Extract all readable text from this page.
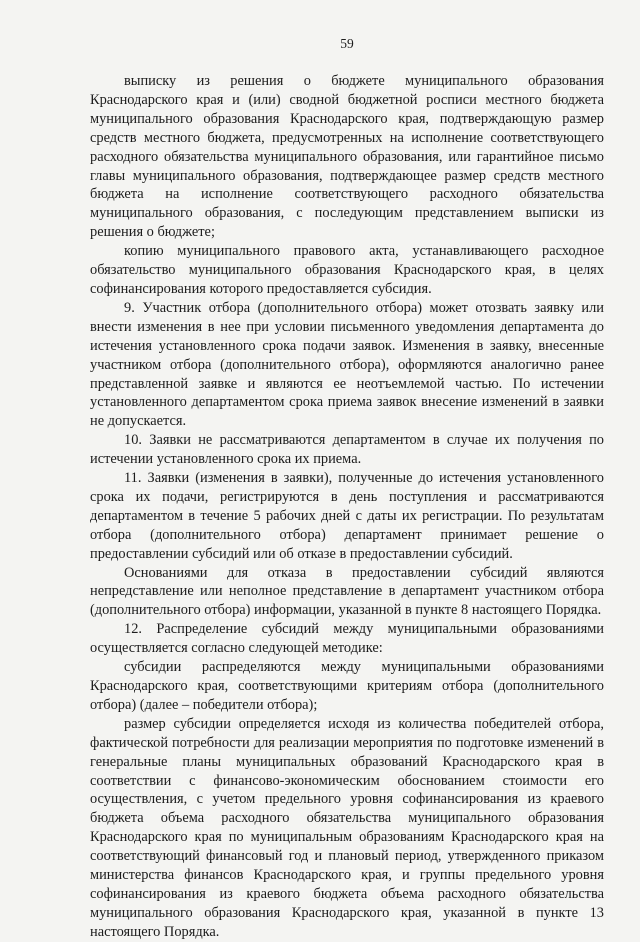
59

выписку из решения о бюджете муниципального образования Краснодарского края и (или) сводной бюджетной росписи местного бюджета муниципального образования Краснодарского края, подтверждающую размер средств местного бюджета, предусмотренных на исполнение соответствующего расходного обязательства муниципального образования, или гарантийное письмо главы муниципального образования, подтверждающее размер средств местного бюджета на исполнение соответствующего расходного обязательства муниципального образования, с последующим представлением выписки из решения о бюджете;

копию муниципального правового акта, устанавливающего расходное обязательство муниципального образования Краснодарского края, в целях софинансирования которого предоставляется субсидия.

9. Участник отбора (дополнительного отбора) может отозвать заявку или внести изменения в нее при условии письменного уведомления департамента до истечения установленного срока подачи заявок. Изменения в заявку, внесенные участником отбора (дополнительного отбора), оформляются аналогично ранее представленной заявке и являются ее неотъемлемой частью. По истечении установленного департаментом срока приема заявок внесение изменений в заявки не допускается.

10. Заявки не рассматриваются департаментом в случае их получения по истечении установленного срока их приема.

11. Заявки (изменения в заявки), полученные до истечения установленного срока их подачи, регистрируются в день поступления и рассматриваются департаментом в течение 5 рабочих дней с даты их регистрации. По результатам отбора (дополнительного отбора) департамент принимает решение о предоставлении субсидий или об отказе в предоставлении субсидий.

Основаниями для отказа в предоставлении субсидий являются непредставление или неполное представление в департамент участником отбора (дополнительного отбора) информации, указанной в пункте 8 настоящего Порядка.

12. Распределение субсидий между муниципальными образованиями осуществляется согласно следующей методике:

субсидии распределяются между муниципальными образованиями Краснодарского края, соответствующими критериям отбора (дополнительного отбора) (далее – победители отбора);

размер субсидии определяется исходя из количества победителей отбора, фактической потребности для реализации мероприятия по подготовке изменений в генеральные планы муниципальных образований Краснодарского края в соответствии с финансово-экономическим обоснованием стоимости его осуществления, с учетом предельного уровня софинансирования из краевого бюджета объема расходного обязательства муниципального образования Краснодарского края по муниципальным образованиям Краснодарского края на соответствующий финансовый год и плановый период, утвержденного приказом министерства финансов Краснодарского края, и группы предельного уровня софинансирования из краевого бюджета объема расходного обязательства муниципального образования Краснодарского края, указанной в пункте 13 настоящего Порядка.
